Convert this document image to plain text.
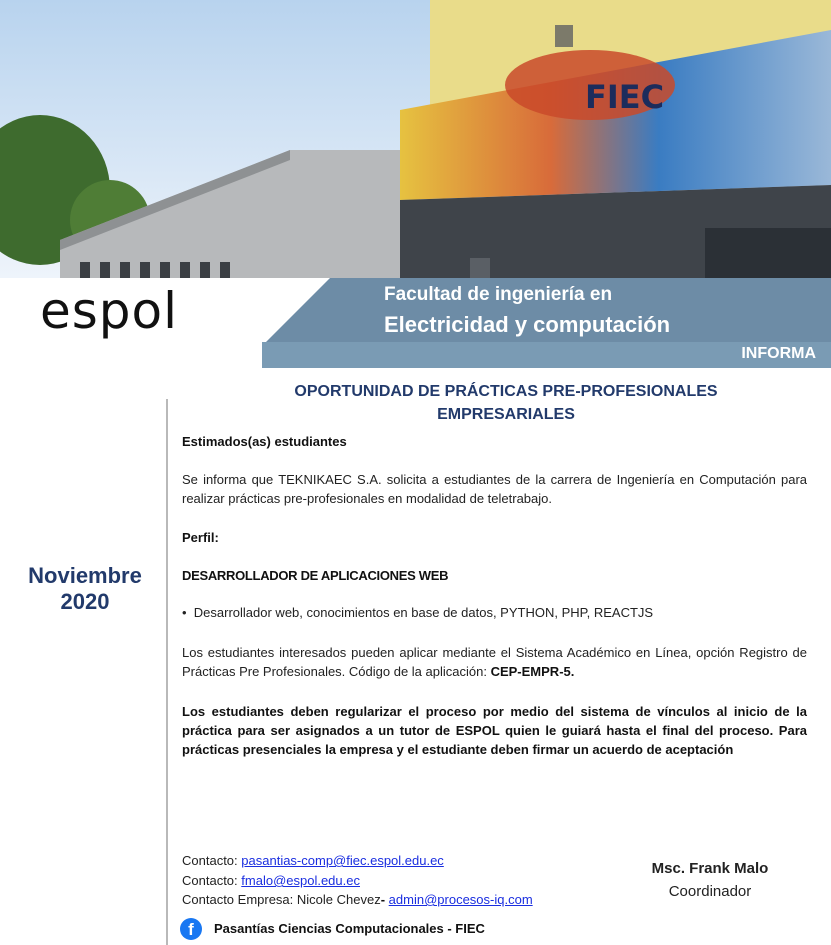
FIEC
espol	Facultad de ingeniería en
Electricidad y computación
INFORMA
OPORTUNIDAD DE PRÁCTICAS PRE-PROFESIONALES
EMPRESARIALES
Noviembre
2020
Estimados(as) estudiantes
Se informa que TEKNIKAEC S.A. solicita a estudiantes de la carrera de Ingeniería en Computación para realizar prácticas pre-profesionales en modalidad de teletrabajo.
Perfil:
DESARROLLADOR DE APLICACIONES WEB
•  Desarrollador web, conocimientos en base de datos, PYTHON, PHP, REACTJS
Los estudiantes interesados pueden aplicar mediante el Sistema Académico en Línea, opción Registro de Prácticas Pre Profesionales. Código de la aplicación: CEP-EMPR-5.
Los estudiantes deben regularizar el proceso por medio del sistema de vínculos al inicio de la práctica para ser asignados a un tutor de ESPOL quien le guiará hasta el final del proceso. Para prácticas presenciales la empresa y el estudiante deben firmar un acuerdo de aceptación
Contacto: pasantias-comp@fiec.espol.edu.ec
Contacto: fmalo@espol.edu.ec
Contacto Empresa: Nicole Chevez- admin@procesos-iq.com
Msc. Frank Malo
Coordinador
f	Pasantías Ciencias Computacionales - FIEC
